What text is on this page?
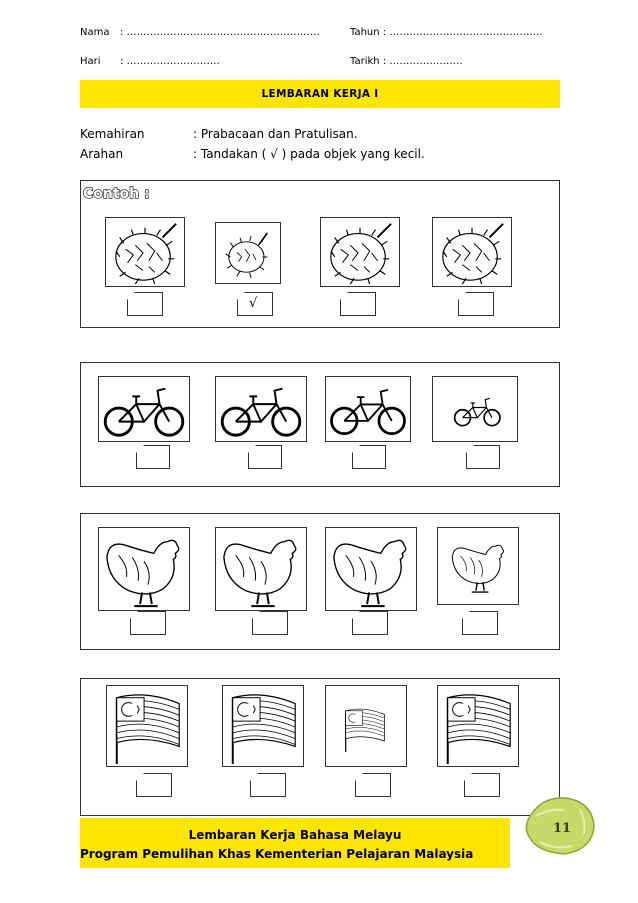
Nama : ………………………………………………….	Tahun : ……………………………………….
Hari : ……………………….	Tarikh : ………………….
LEMBARAN KERJA I
Kemahiran	: Prabacaan dan Pratulisan.
Arahan	: Tandakan ( √ ) pada objek yang kecil.
Contoh :
√
Lembaran Kerja Bahasa Melayu
Program Pemulihan Khas Kementerian Pelajaran Malaysia
11
